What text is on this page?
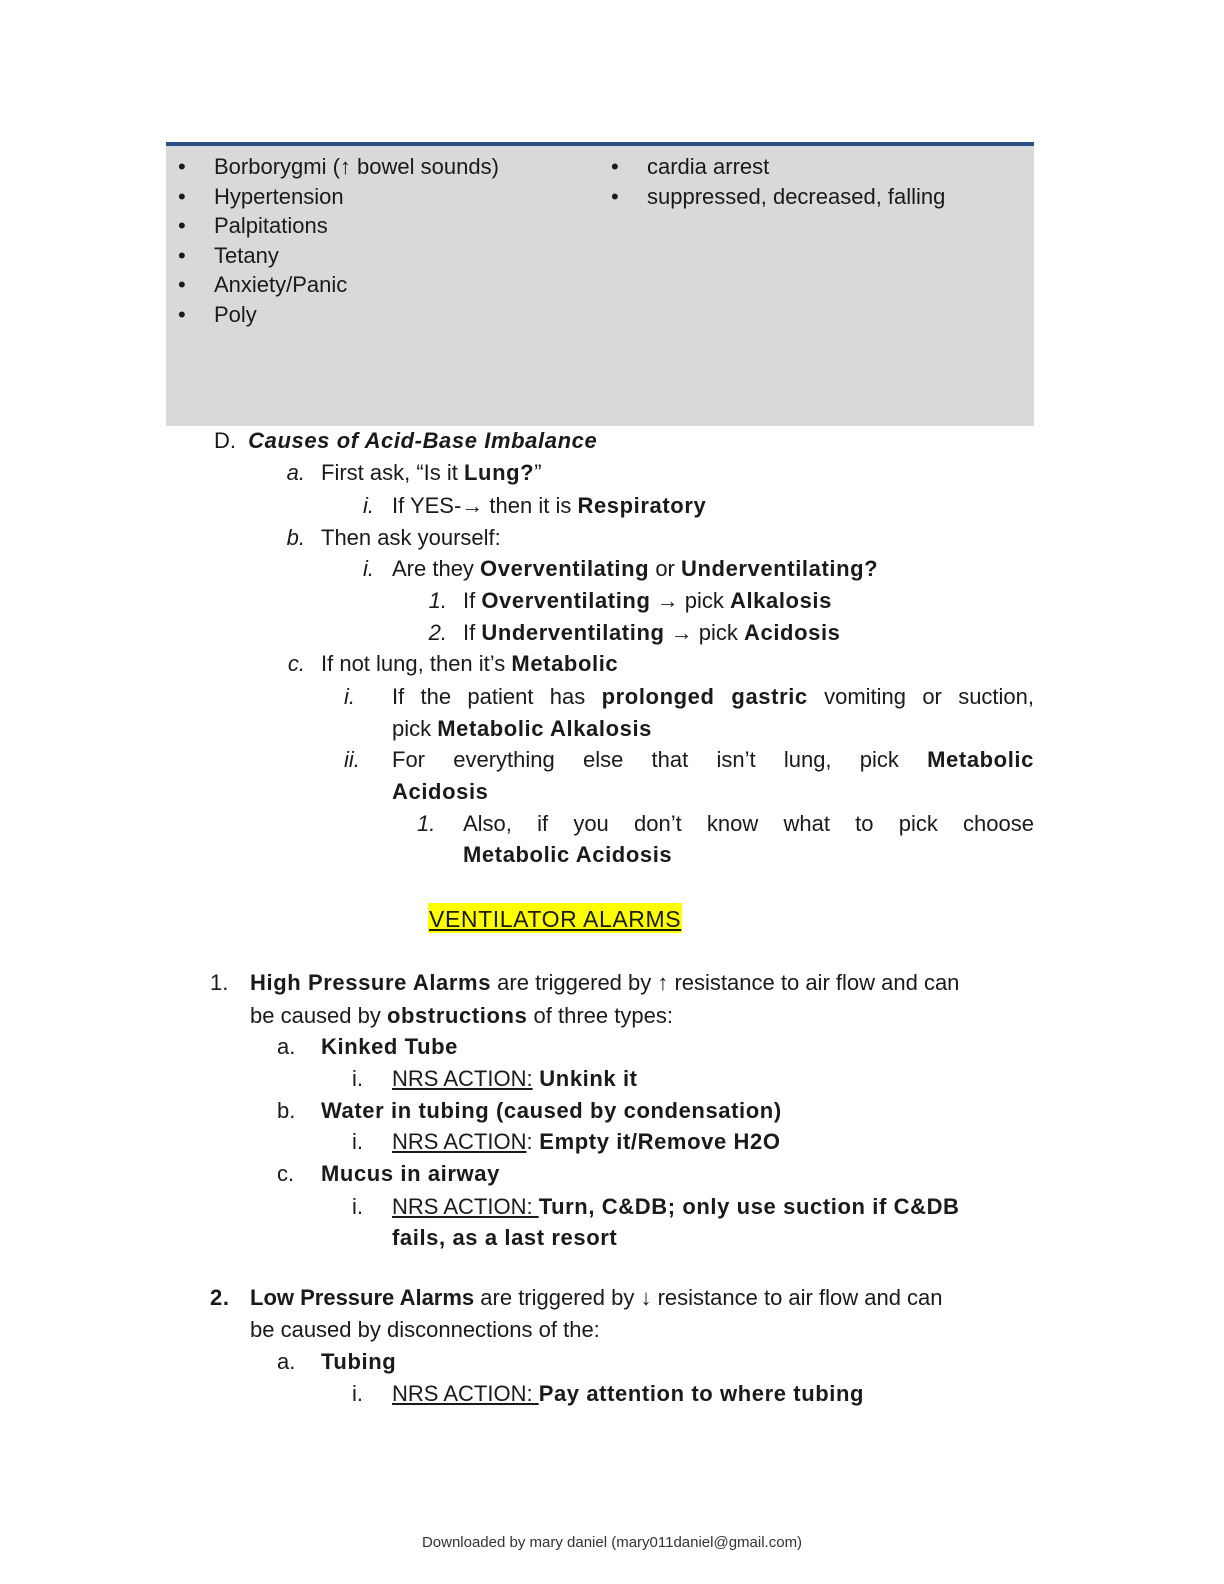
• Borborygmi (↑ bowel sounds)
• Hypertension
• Palpitations
• Tetany
• Anxiety/Panic
• Poly
• cardia arrest
• suppressed, decreased, falling
D. Causes of Acid-Base Imbalance
a. First ask, “Is it Lung?”
i. If YES-→ then it is Respiratory
b. Then ask yourself:
i. Are they Overventilating or Underventilating?
1. If Overventilating → pick Alkalosis
2. If Underventilating → pick Acidosis
c. If not lung, then it’s Metabolic
i.	If the patient has prolonged gastric vomiting or suction,
pick Metabolic Alkalosis
ii.	For everything else that isn’t lung, pick Metabolic
Acidosis
1.	Also, if you don’t know what to pick choose
Metabolic Acidosis
VENTILATOR ALARMS
1. High Pressure Alarms are triggered by ↑ resistance to air flow and can
be caused by obstructions of three types:
a.	Kinked Tube
i.	NRS ACTION: Unkink it
b.	Water in tubing (caused by condensation)
i.	NRS ACTION: Empty it/Remove H2O
c.	Mucus in airway
i.	NRS ACTION: Turn, C&DB; only use suction if C&DB
fails, as a last resort
2. Low Pressure Alarms are triggered by ↓ resistance to air flow and can
be caused by disconnections of the:
a.	Tubing
i.	NRS ACTION: Pay attention to where tubing
Downloaded by mary daniel (mary011daniel@gmail.com)
